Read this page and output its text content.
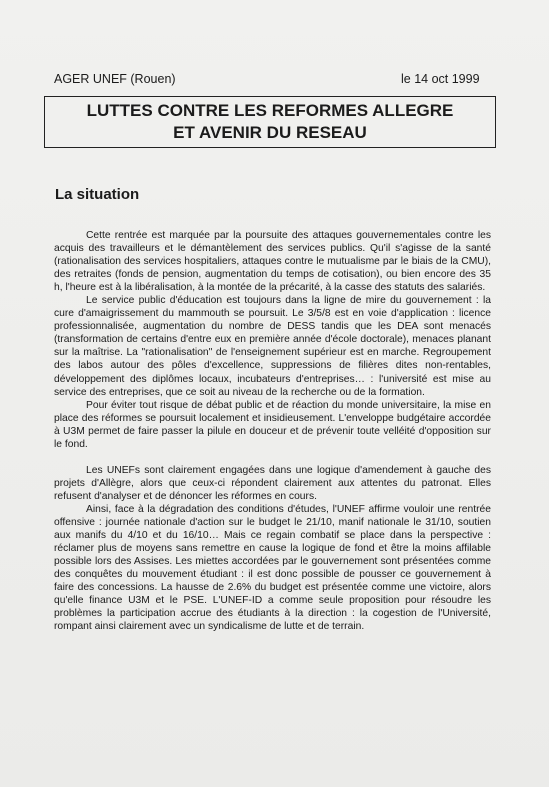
AGER UNEF (Rouen)	le 14 oct 1999
LUTTES CONTRE LES REFORMES ALLEGRE
ET AVENIR DU RESEAU
La situation

Cette rentrée est marquée par la poursuite des attaques gouvernementales contre les acquis des travailleurs et le démantèlement des services publics. Qu'il s'agisse de la santé (rationalisation des services hospitaliers, attaques contre le mutualisme par le biais de la CMU), des retraites (fonds de pension, augmentation du temps de cotisation), ou bien encore des 35 h, l'heure est à la libéralisation, à la montée de la précarité, à la casse des statuts des salariés.

Le service public d'éducation est toujours dans la ligne de mire du gouvernement : la cure d'amaigrissement du mammouth se poursuit. Le 3/5/8 est en voie d'application : licence professionnalisée, augmentation du nombre de DESS tandis que les DEA sont menacés (transformation de certains d'entre eux en première année d'école doctorale), menaces planant sur la maîtrise. La "rationalisation" de l'enseignement supérieur est en marche. Regroupement des labos autour des pôles d'excellence, suppressions de filières dites non-rentables, développement des diplômes locaux, incubateurs d'entreprises… : l'université est mise au service des entreprises, que ce soit au niveau de la recherche ou de la formation.

Pour éviter tout risque de débat public et de réaction du monde universitaire, la mise en place des réformes se poursuit localement et insidieusement. L'enveloppe budgétaire accordée à U3M permet de faire passer la pilule en douceur et de prévenir toute velléité d'opposition sur le fond.

Les UNEFs sont clairement engagées dans une logique d'amendement à gauche des projets d'Allègre, alors que ceux-ci répondent clairement aux attentes du patronat. Elles refusent d'analyser et de dénoncer les réformes en cours.

Ainsi, face à la dégradation des conditions d'études, l'UNEF affirme vouloir une rentrée offensive : journée nationale d'action sur le budget le 21/10, manif nationale le 31/10, soutien aux manifs du 4/10 et du 16/10… Mais ce regain combatif se place dans la perspective : réclamer plus de moyens sans remettre en cause la logique de fond et être la moins affilable possible lors des Assises. Les miettes accordées par le gouvernement sont présentées comme des conquêtes du mouvement étudiant : il est donc possible de pousser ce gouvernement à faire des concessions. La hausse de 2.6% du budget est présentée comme une victoire, alors qu'elle finance U3M et le PSE. L'UNEF-ID a comme seule proposition pour résoudre les problèmes la participation accrue des étudiants à la direction : la cogestion de l'Université, rompant ainsi clairement avec un syndicalisme de lutte et de terrain.
